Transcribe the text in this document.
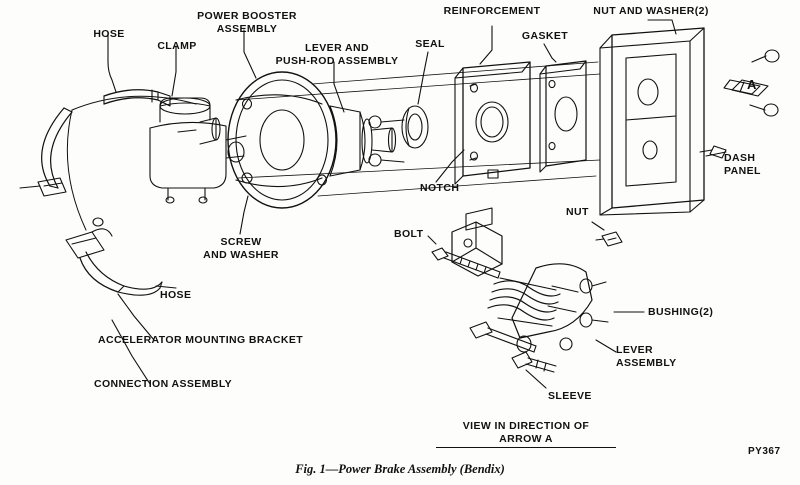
HOSE
CLAMP
POWER BOOSTER
ASSEMBLY
LEVER AND
PUSH-ROD ASSEMBLY
SEAL
REINFORCEMENT
GASKET
NUT AND WASHER(2)
DASH
PANEL
NOTCH
SCREW
AND WASHER
HOSE
ACCELERATOR MOUNTING BRACKET
CONNECTION ASSEMBLY
BOLT
NUT
BUSHING(2)
LEVER
ASSEMBLY
SLEEVE
A
VIEW IN DIRECTION OF
ARROW A
Fig. 1—Power Brake Assembly (Bendix)
PY367
